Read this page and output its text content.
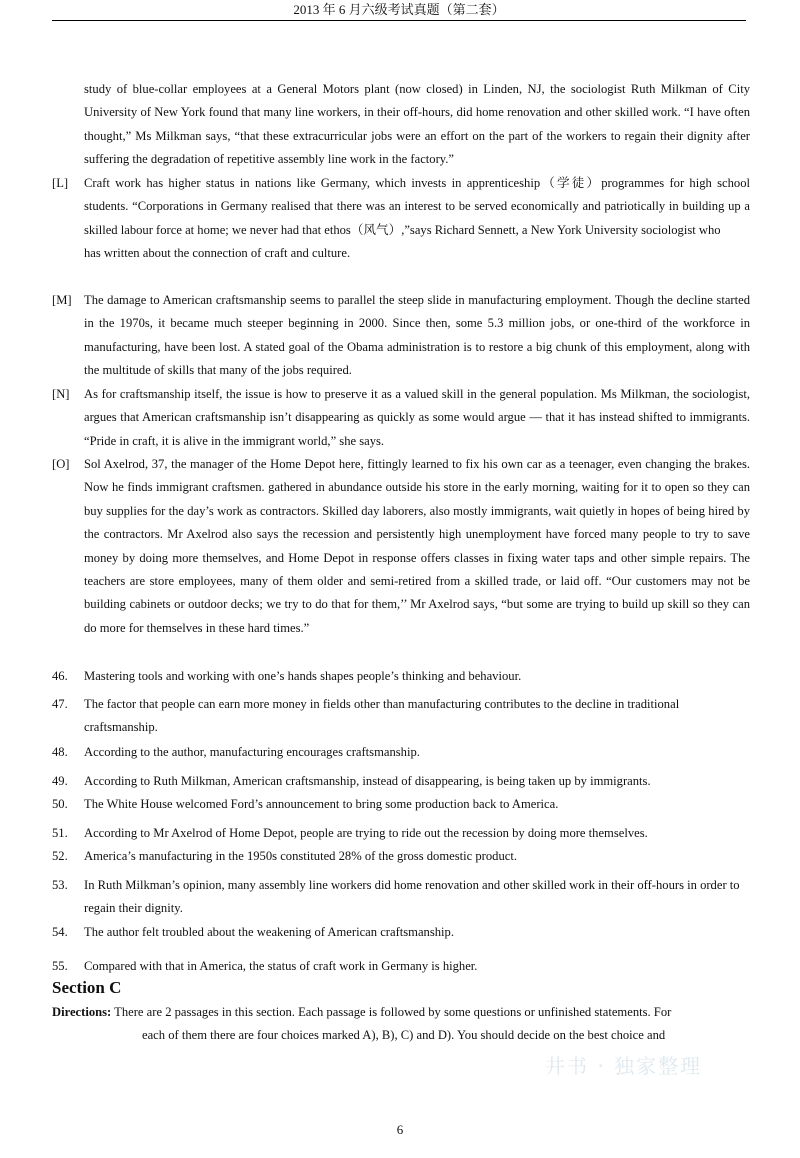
2013 年 6 月六级考试真题（第二套）
井书 · 独家整理
study of blue-collar employees at a General Motors plant (now closed) in Linden, NJ, the sociologist Ruth Milkman of City University of New York found that many line workers, in their off-hours, did home renovation and other skilled work. “I have often thought,” Ms Milkman says, “that these extracurricular jobs were an effort on the part of the workers to regain their dignity after suffering the degradation of repetitive assembly line work in the factory.”
[L] Craft work has higher status in nations like Germany, which invests in apprenticeship（学徒）programmes for high school students. “Corporations in Germany realised that there was an interest to be served economically and patriotically in building up a skilled labour force at home; we never had that ethos（风气）,”says Richard Sennett, a New York University sociologist who
has written about the connection of craft and culture.
[M] The damage to American craftsmanship seems to parallel the steep slide in manufacturing employment. Though the decline started in the 1970s, it became much steeper beginning in 2000. Since then, some 5.3 million jobs, or one-third of the workforce in manufacturing, have been lost. A stated goal of the Obama administration is to restore a big chunk of this employment, along with the multitude of skills that many of the jobs required.
[N] As for craftsmanship itself, the issue is how to preserve it as a valued skill in the general population. Ms Milkman, the sociologist, argues that American craftsmanship isn’t disappearing as quickly as some would argue — that it has instead shifted to immigrants. “Pride in craft, it is alive in the immigrant world,” she says.
[O] Sol Axelrod, 37, the manager of the Home Depot here, fittingly learned to fix his own car as a teenager, even changing the brakes. Now he finds immigrant craftsmen. gathered in abundance outside his store in the early morning, waiting for it to open so they can buy supplies for the day’s work as contractors. Skilled day laborers, also mostly immigrants, wait quietly in hopes of being hired by the contractors. Mr Axelrod also says the recession and persistently high unemployment have forced many people to try to save money by doing more themselves, and Home Depot in response offers classes in fixing water taps and other simple repairs. The teachers are store employees, many of them older and semi-retired from a skilled trade, or laid off. “Our customers may not be building cabinets or outdoor decks; we try to do that for them,’’ Mr Axelrod says, “but some are trying to build up skill so they can do more for themselves in these hard times.”
46. Mastering tools and working with one’s hands shapes people’s thinking and behaviour.
47. The factor that people can earn more money in fields other than manufacturing contributes to the decline in traditional craftsmanship.
48. According to the author, manufacturing encourages craftsmanship.
49. According to Ruth Milkman, American craftsmanship, instead of disappearing, is being taken up by immigrants.
50. The White House welcomed Ford’s announcement to bring some production back to America.
51. According to Mr Axelrod of Home Depot, people are trying to ride out the recession by doing more themselves.
52. America’s manufacturing in the 1950s constituted 28% of the gross domestic product.
53. In Ruth Milkman’s opinion, many assembly line workers did home renovation and other skilled work in their off-hours in order to regain their dignity.
54. The author felt troubled about the weakening of American craftsmanship.
55. Compared with that in America, the status of craft work in Germany is higher.
Section C
Directions: There are 2 passages in this section. Each passage is followed by some questions or unfinished statements. For
each of them there are four choices marked A), B), C) and D). You should decide on the best choice and
6
